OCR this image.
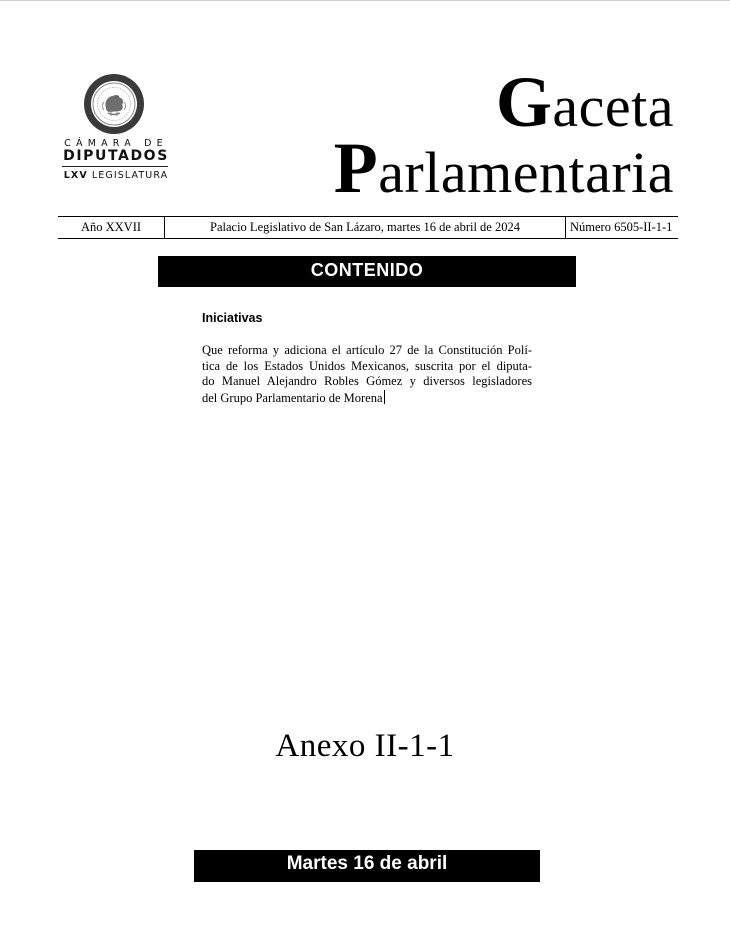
CÁMARA DE
DIPUTADOS
LXV LEGISLATURA
Gaceta
Parlamentaria
Año XXVII	Palacio Legislativo de San Lázaro, martes 16 de abril de 2024	Número 6505-II-1-1
CONTENIDO
Iniciativas
Que reforma y adiciona el artículo 27 de la Constitución Polí-
tica de los Estados Unidos Mexicanos, suscrita por el diputa-
do Manuel Alejandro Robles Gómez y diversos legisladores
del Grupo Parlamentario de Morena
Anexo II-1-1
Martes 16 de abril
